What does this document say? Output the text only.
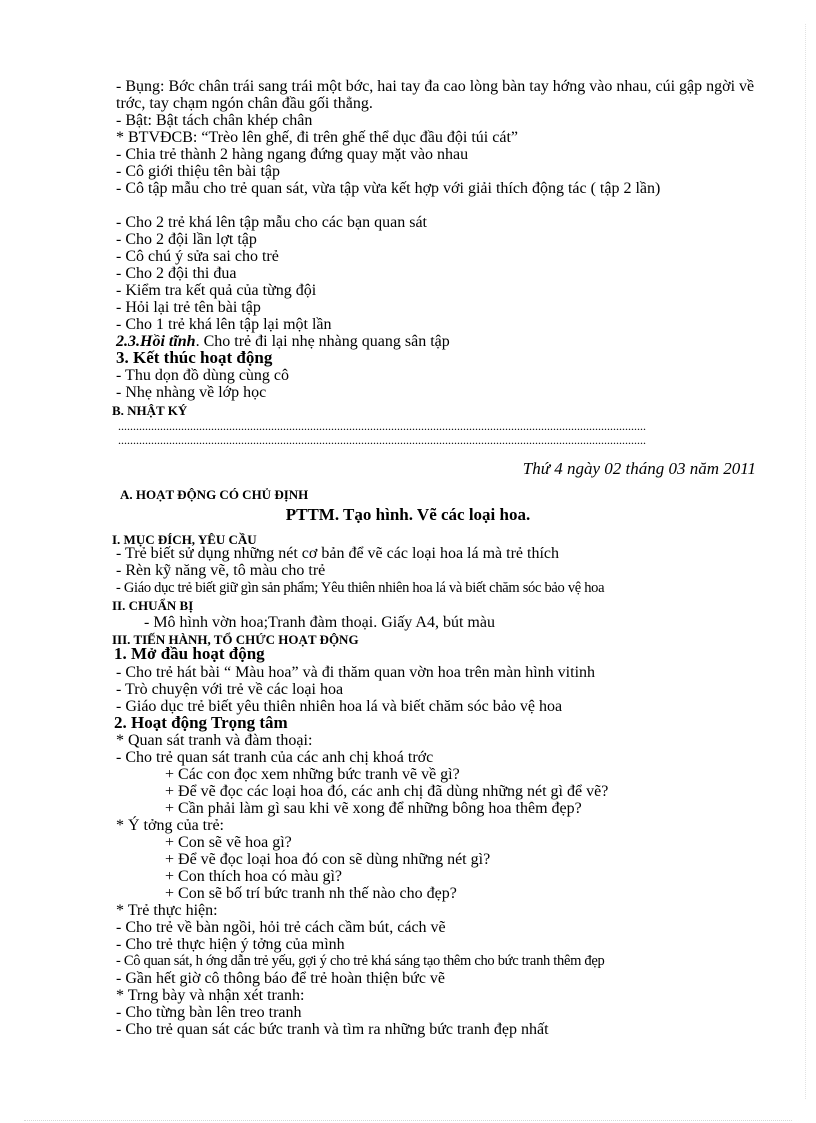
- Bụng: Bớc chân trái sang trái một bớc, hai tay đa cao lòng bàn tay hớng vào nhau, cúi gập ngời về trớc, tay chạm ngón chân đầu gối thẳng.
- Bật: Bật tách chân khép chân
* BTVĐCB: “Trèo lên ghế, đi trên ghế thể dục đầu đội túi cát”
- Chia trẻ thành 2 hàng ngang đứng quay mặt vào nhau
- Cô giới thiệu tên bài tập
- Cô tập mẫu cho trẻ quan sát, vừa tập vừa kết hợp với giải thích động tác ( tập 2 lần)
- Cho 2 trẻ khá lên tập mẫu cho các bạn quan sát
- Cho 2 đội lần lợt tập
- Cô chú ý sửa sai cho trẻ
- Cho 2 đội thi đua
- Kiểm tra kết quả của từng đội
- Hỏi lại trẻ tên bài tập
- Cho 1 trẻ khá lên tập lại một lần
2.3.Hồi tĩnh. Cho trẻ đi lại nhẹ nhàng quang sân tập
3. Kết thúc hoạt động
- Thu dọn đồ dùng cùng cô
- Nhẹ nhàng về lớp học
B. NHẬT KÝ
................................................................................................................................................................................
................................................................................................................................................................................
Thứ 4 ngày 02 tháng 03 năm 2011
A. HOẠT ĐỘNG CÓ CHỦ ĐỊNH
PTTM. Tạo hình. Vẽ các loại hoa.
I. MỤC ĐÍCH, YÊU CẦU
- Trẻ biết sử dụng những nét cơ bản để vẽ các loại hoa lá mà trẻ thích
- Rèn kỹ năng vẽ, tô màu cho trẻ
- Giáo dục trẻ biết giữ gìn sản phẩm; Yêu thiên nhiên hoa lá và biết chăm sóc bảo vệ hoa
II. CHUẨN BỊ
- Mô hình vờn hoa;Tranh đàm thoại. Giấy A4, bút màu
III. TIẾN HÀNH, TỔ CHỨC HOẠT ĐỘNG
1. Mở đầu hoạt động
- Cho trẻ hát bài “ Màu hoa” và đi thăm quan vờn hoa trên màn hình vitinh
- Trò chuyện với trẻ về các loại hoa
- Giáo dục trẻ biết yêu thiên nhiên hoa lá và biết chăm sóc bảo vệ hoa
2. Hoạt động Trọng tâm
* Quan sát tranh và đàm thoại:
- Cho trẻ quan sát tranh của các anh chị khoá trớc
+ Các con đọc xem những bức tranh vẽ về gì?
+ Để vẽ đọc các loại hoa đó, các anh chị đã dùng những nét gì để vẽ?
+ Cần phải làm gì sau khi vẽ xong để những bông hoa thêm đẹp?
* Ý tởng của trẻ:
+ Con sẽ vẽ hoa gì?
+ Để vẽ đọc loại hoa đó con sẽ dùng những nét gì?
+ Con thích hoa có màu gì?
+ Con sẽ bố trí bức tranh nh thế nào cho đẹp?
* Trẻ thực hiện:
- Cho trẻ về bàn ngồi, hỏi trẻ cách cầm bút, cách vẽ
- Cho trẻ thực hiện ý tởng của mình
- Cô quan sát, h ớng dẫn trẻ yếu, gợi ý cho trẻ khá sáng tạo thêm cho bức tranh thêm đẹp
- Gần hết giờ cô thông báo để trẻ hoàn thiện bức vẽ
* Trng bày và nhận xét tranh:
- Cho từng bàn lên treo tranh
- Cho trẻ quan sát các bức tranh và tìm ra những bức tranh đẹp nhất
